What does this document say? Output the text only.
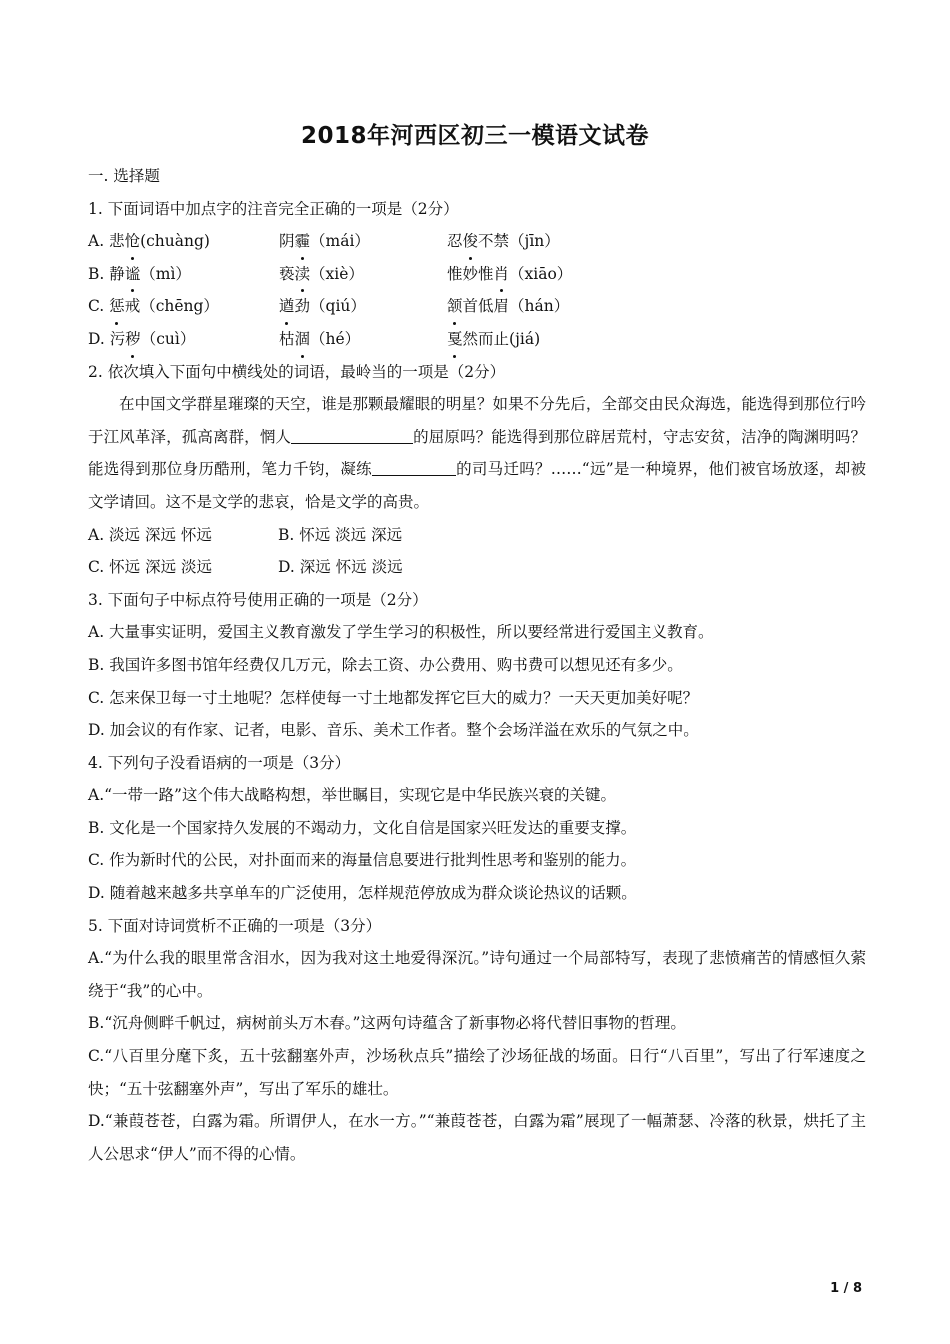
2018年河西区初三一模语文试卷
一. 选择题
1. 下面词语中加点字的注音完全正确的一项是（2分）
A. 悲怆(chuàng)	阴霾（mái）	忍俊不禁（jīn）
B. 静谧（mì）	亵渎（xiè）	惟妙惟肖（xiāo）
C. 惩戒（chēng）	遒劲（qiú）	颔首低眉（hán）
D. 污秽（cuì）	枯涸（hé）	戛然而止(jiá)
2. 依次填入下面句中横线处的词语，最岭当的一项是（2分）
在中国文学群星璀璨的天空，谁是那颗最耀眼的明星？如果不分先后，全部交由民众海选，能选得到那位行吟于江风革泽，孤高离群，惘人	的屈原吗？能选得到那位辟居荒村，守志安贫，洁净的陶渊明吗？能选得到那位身历酷刑，笔力千钧，凝练	的司马迁吗？……“远”是一种境界，他们被官场放逐，却被文学请回。这不是文学的悲哀，恰是文学的高贵。
A. 淡远 深远 怀远	B. 怀远 淡远 深远
C. 怀远 深远 淡远	D. 深远 怀远 淡远
3. 下面句子中标点符号使用正确的一项是（2分）
A. 大量事实证明，爱国主义教育激发了学生学习的积极性，所以要经常进行爱国主义教育。
B. 我国许多图书馆年经费仅几万元，除去工资、办公费用、购书费可以想见还有多少。
C. 怎来保卫每一寸土地呢？怎样使每一寸土地都发挥它巨大的威力？一天天更加美好呢？
D. 加会议的有作家、记者，电影、音乐、美术工作者。整个会场洋溢在欢乐的气氛之中。
4. 下列句子没看语病的一项是（3分）
A.“一带一路”这个伟大战略构想，举世瞩目，实现它是中华民族兴衰的关键。
B. 文化是一个国家持久发展的不竭动力，文化自信是国家兴旺发达的重要支撑。
C. 作为新时代的公民，对扑面而来的海量信息要进行批判性思考和鉴别的能力。
D. 随着越来越多共享单车的广泛使用，怎样规范停放成为群众谈论热议的话颗。
5. 下面对诗词赏析不正确的一项是（3分）
A.“为什么我的眼里常含泪水，因为我对这土地爱得深沉。”诗句通过一个局部特写，表现了悲愤痛苦的情感恒久萦绕于“我”的心中。
B.“沉舟侧畔千帆过，病树前头万木春。”这两句诗蕴含了新事物必将代替旧事物的哲理。
C.“八百里分麾下炙，五十弦翻塞外声，沙场秋点兵”描绘了沙场征战的场面。日行“八百里”，写出了行军速度之快；“五十弦翻塞外声”，写出了军乐的雄壮。
D.“兼葭苍苍，白露为霜。所谓伊人，在水一方。”“兼葭苍苍，白露为霜”展现了一幅萧瑟、冷落的秋景，烘托了主人公思求“伊人”而不得的心情。
1 / 8
